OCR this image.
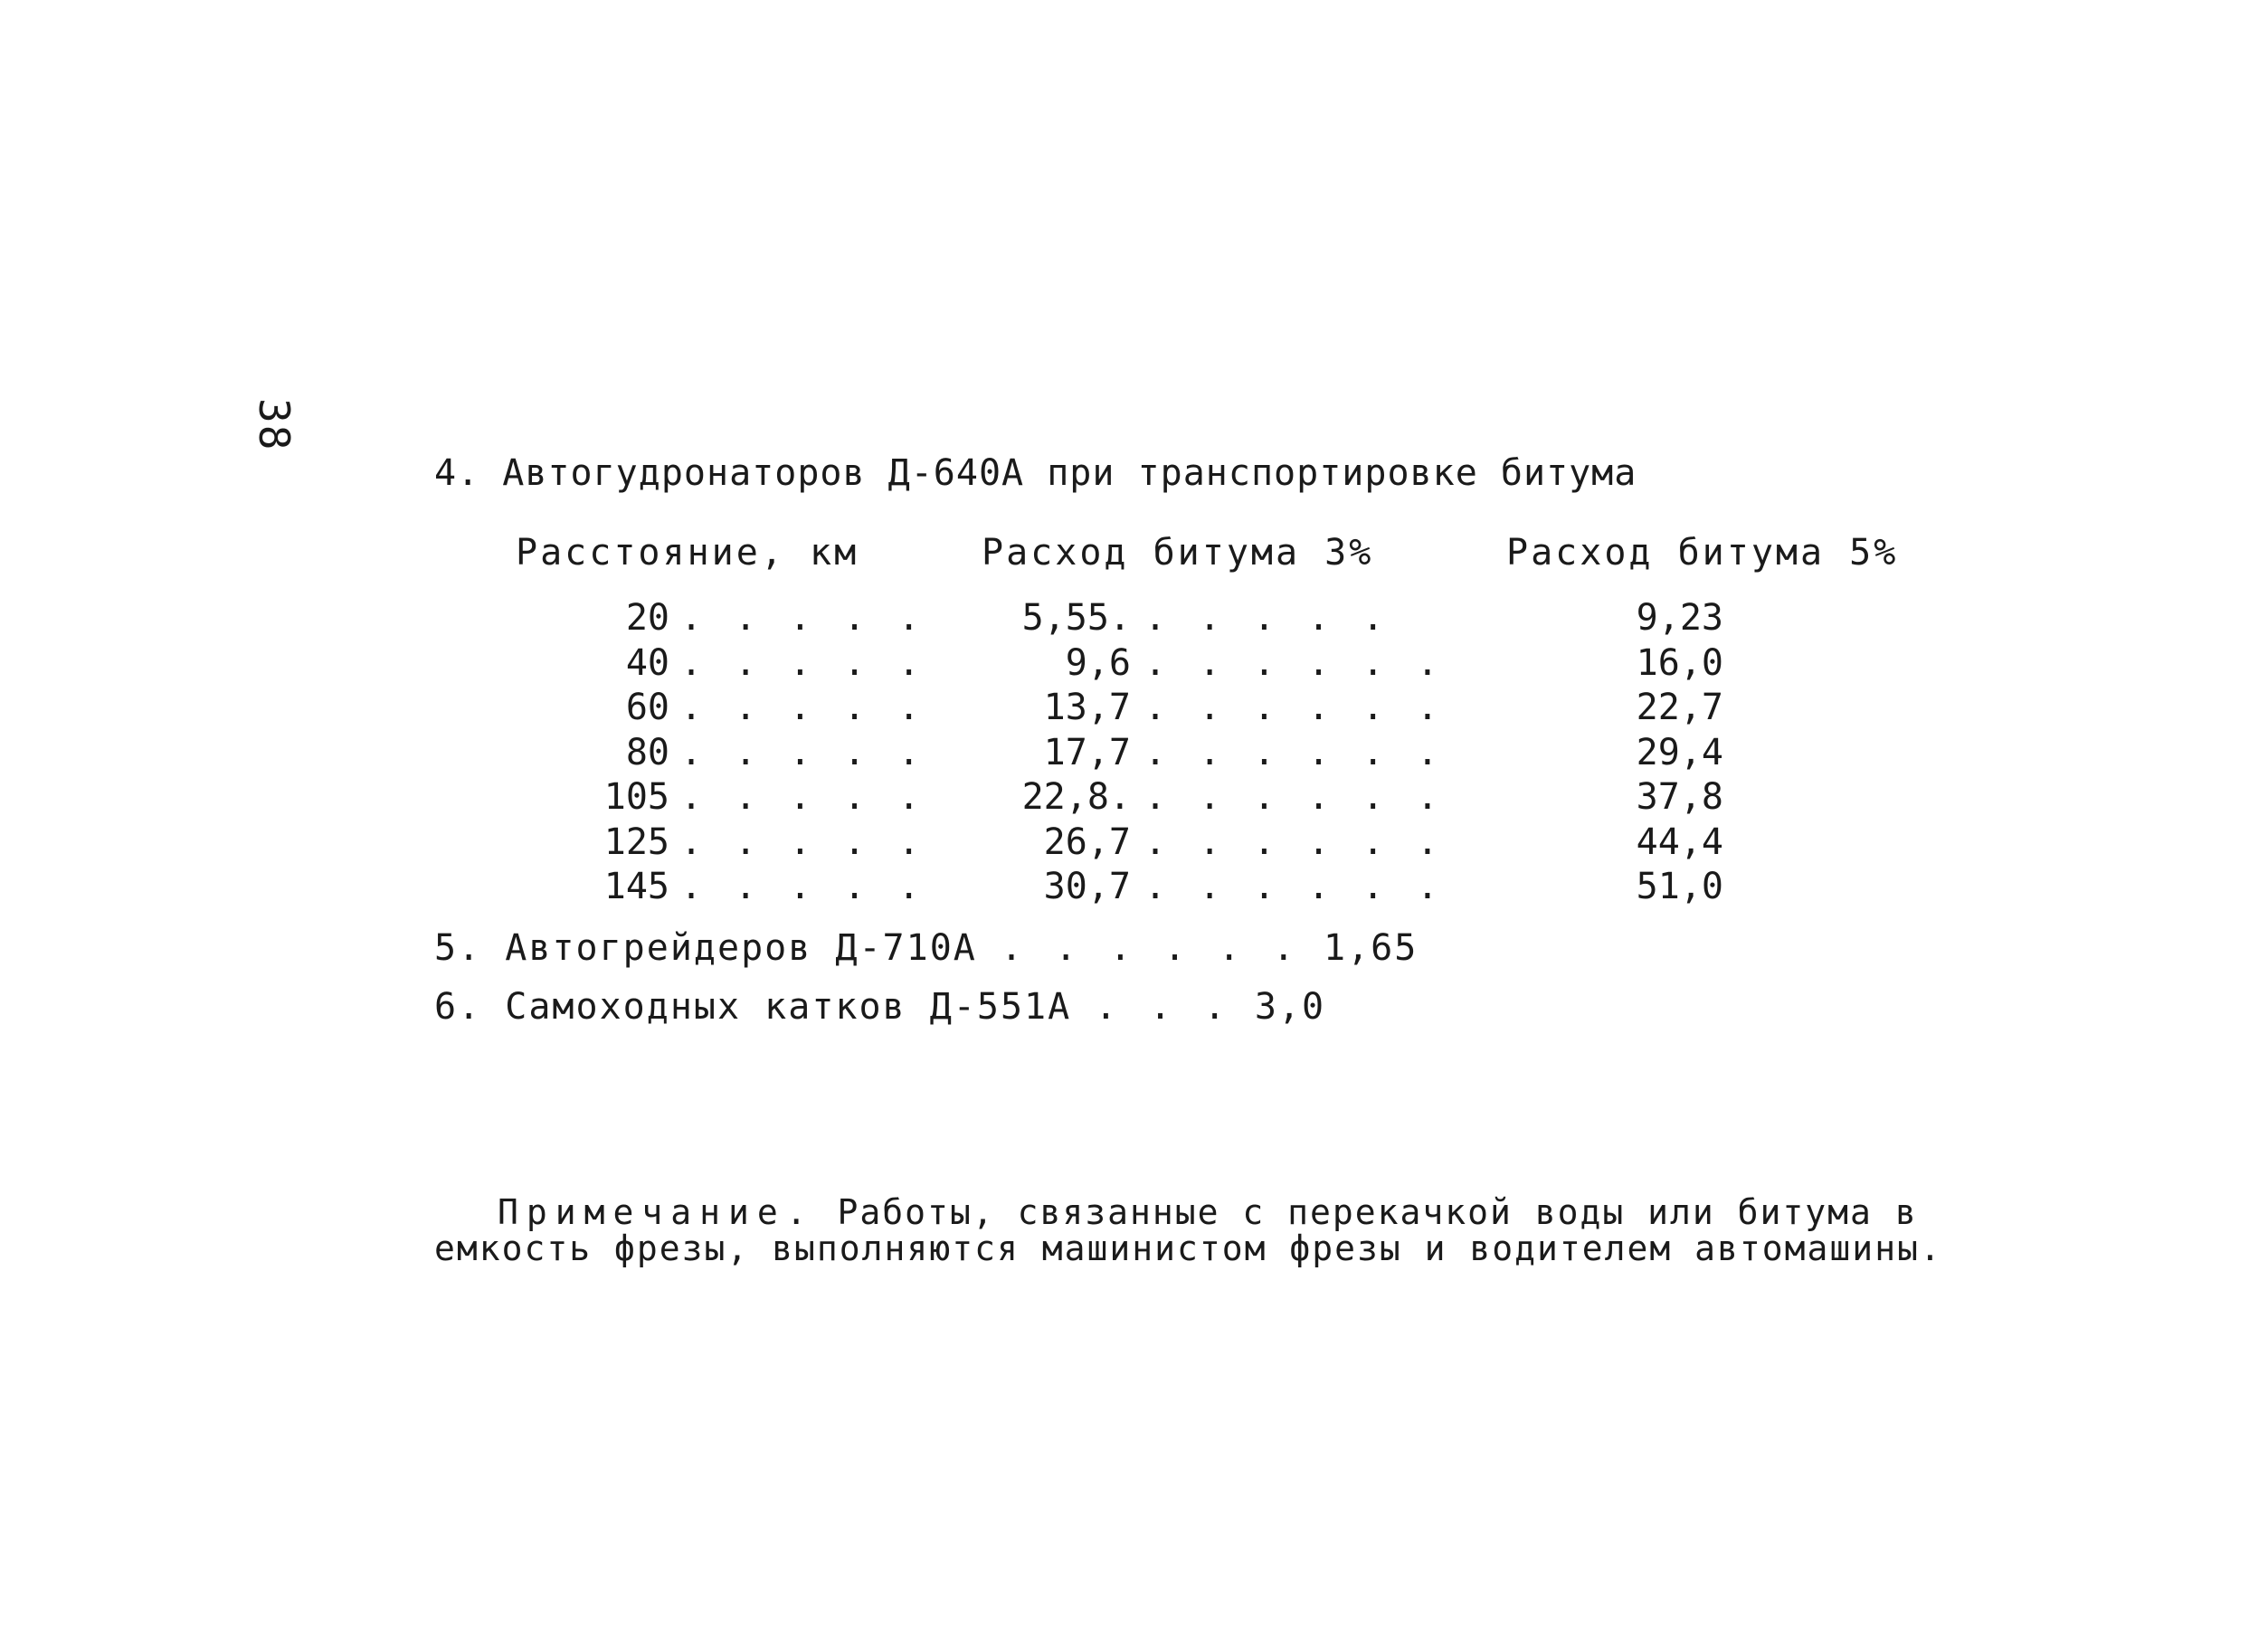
38
4. Автогудронаторов Д-640А при транспортировке битума
Расстояние, км	Расход битума 3%	Расход битума 5%
20 . . . . .	5,55. . . . . .	9,23
40 . . . . .	9,6 . . . . . .	16,0
60 . . . . .	13,7 . . . . . .	22,7
80 . . . . .	17,7 . . . . . .	29,4
105 . . . . .	22,8. . . . . . .	37,8
125 . . . . .	26,7 . . . . . .	44,4
145 . . . . .	30,7 . . . . . .	51,0
5. Автогрейдеров Д-710А . . . . . . 1,65
6. Самоходных катков Д-551А . . . 3,0
Примечание. Работы, связанные с перекачкой воды или битума в емкость фрезы, выполняются машинистом фрезы и водителем автомашины.
